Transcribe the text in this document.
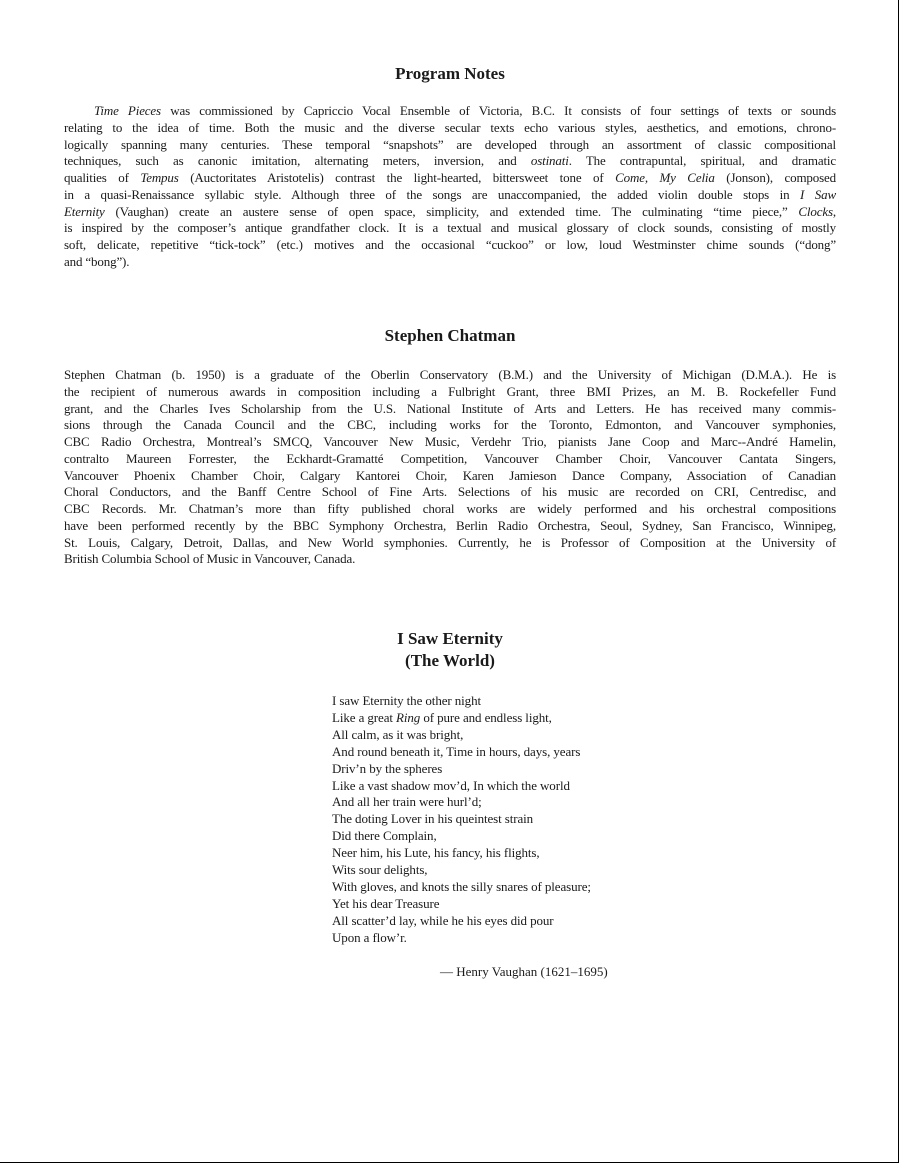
Program Notes
Time Pieces was commissioned by Capriccio Vocal Ensemble of Victoria, B.C. It consists of four settings of texts or sounds
relating to the idea of time. Both the music and the diverse secular texts echo various styles, aesthetics, and emotions, chrono-
logically spanning many centuries. These temporal “snapshots” are developed through an assortment of classic compositional
techniques, such as canonic imitation, alternating meters, inversion, and ostinati. The contrapuntal, spiritual, and dramatic
qualities of Tempus (Auctoritates Aristotelis) contrast the light-hearted, bittersweet tone of Come, My Celia (Jonson), composed
in a quasi-Renaissance syllabic style. Although three of the songs are unaccompanied, the added violin double stops in I Saw
Eternity (Vaughan) create an austere sense of open space, simplicity, and extended time. The culminating “time piece,” Clocks,
is inspired by the composer’s antique grandfather clock. It is a textual and musical glossary of clock sounds, consisting of mostly
soft, delicate, repetitive “tick-tock” (etc.) motives and the occasional “cuckoo” or low, loud Westminster chime sounds (“dong”
and “bong”).
Stephen Chatman
Stephen Chatman (b. 1950) is a graduate of the Oberlin Conservatory (B.M.) and the University of Michigan (D.M.A.). He is
the recipient of numerous awards in composition including a Fulbright Grant, three BMI Prizes, an M. B. Rockefeller Fund
grant, and the Charles Ives Scholarship from the U.S. National Institute of Arts and Letters. He has received many commis-
sions through the Canada Council and the CBC, including works for the Toronto, Edmonton, and Vancouver symphonies,
CBC Radio Orchestra, Montreal’s SMCQ, Vancouver New Music, Verdehr Trio, pianists Jane Coop and Marc--André Hamelin,
contralto Maureen Forrester, the Eckhardt-Gramatté Competition, Vancouver Chamber Choir, Vancouver Cantata Singers,
Vancouver Phoenix Chamber Choir, Calgary Kantorei Choir, Karen Jamieson Dance Company, Association of Canadian
Choral Conductors, and the Banff Centre School of Fine Arts. Selections of his music are recorded on CRI, Centredisc, and
CBC Records. Mr. Chatman’s more than fifty published choral works are widely performed and his orchestral compositions
have been performed recently by the BBC Symphony Orchestra, Berlin Radio Orchestra, Seoul, Sydney, San Francisco, Winnipeg,
St. Louis, Calgary, Detroit, Dallas, and New World symphonies. Currently, he is Professor of Composition at the University of
British Columbia School of Music in Vancouver, Canada.
I Saw Eternity
(The World)
I saw Eternity the other night
Like a great Ring of pure and endless light,
All calm, as it was bright,
And round beneath it, Time in hours, days, years
Driv’n by the spheres
Like a vast shadow mov’d, In which the world
And all her train were hurl’d;
The doting Lover in his queintest strain
Did there Complain,
Neer him, his Lute, his fancy, his flights,
Wits sour delights,
With gloves, and knots the silly snares of pleasure;
Yet his dear Treasure
All scatter’d lay, while he his eyes did pour
Upon a flow’r.
— Henry Vaughan (1621–1695)
